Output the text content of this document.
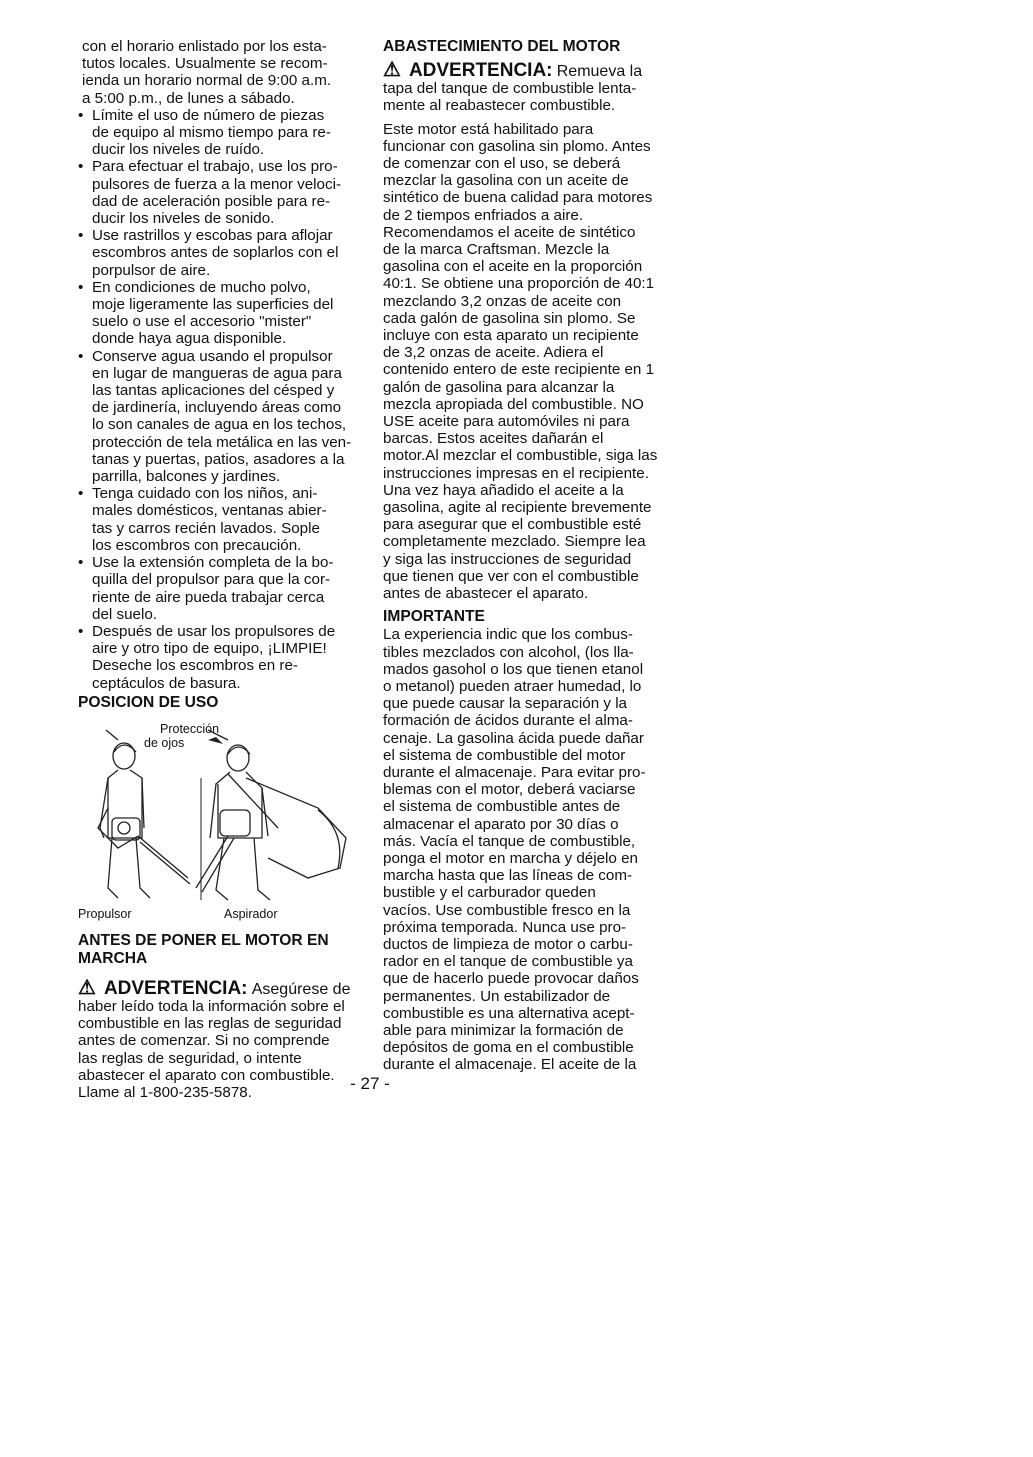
con el horario enlistado por los esta-
tutos locales. Usualmente se recom-
ienda un horario normal de 9:00 a.m.
a 5:00 p.m., de lunes a sábado.
• Límite el uso de número de piezas
de equipo al mismo tiempo para re-
ducir los niveles de ruído.
• Para efectuar el trabajo, use los pro-
pulsores de fuerza a la menor veloci-
dad de aceleración posible para re-
ducir los niveles de sonido.
• Use rastrillos y escobas para aflojar
escombros antes de soplarlos con el
porpulsor de aire.
• En condiciones de mucho polvo,
moje ligeramente las superficies del
suelo o use el accesorio "mister"
donde haya agua disponible.
• Conserve agua usando el propulsor
en lugar de mangueras de agua para
las tantas aplicaciones del césped y
de jardinería, incluyendo áreas como
lo son canales de agua en los techos,
protección de tela metálica en las ven-
tanas y puertas, patios, asadores a la
parrilla, balcones y jardines.
• Tenga cuidado con los niños, ani-
males domésticos, ventanas abier-
tas y carros recién lavados. Sople
los escombros con precaución.
• Use la extensión completa de la bo-
quilla del propulsor para que la cor-
riente de aire pueda trabajar cerca
del suelo.
• Después de usar los propulsores de
aire y otro tipo de equipo, ¡LIMPIE!
Deseche los escombros en re-
ceptáculos de basura.
POSICION DE USO
Protección
de ojos
Propulsor	Aspirador
ANTES DE PONER EL MOTOR EN
MARCHA
⚠ ADVERTENCIA: Asegúrese de
haber leído toda la información sobre el
combustible en las reglas de seguridad
antes de comenzar. Si no comprende
las reglas de seguridad, o intente
abastecer el aparato con combustible.
Llame al 1-800-235-5878.
ABASTECIMIENTO DEL MOTOR
⚠ ADVERTENCIA: Remueva la
tapa del tanque de combustible lenta-
mente al reabastecer combustible.
Este motor está habilitado para
funcionar con gasolina sin plomo. Antes
de comenzar con el uso, se deberá
mezclar la gasolina con un aceite de
sintético de buena calidad para motores
de 2 tiempos enfriados a aire.
Recomendamos el aceite de sintético
de la marca Craftsman. Mezcle la
gasolina con el aceite en la proporción
40:1. Se obtiene una proporción de 40:1
mezclando 3,2 onzas de aceite con
cada galón de gasolina sin plomo. Se
incluye con esta aparato un recipiente
de 3,2 onzas de aceite. Adiera el
contenido entero de este recipiente en 1
galón de gasolina para alcanzar la
mezcla apropiada del combustible. NO
USE aceite para automóviles ni para
barcas. Estos aceites dañarán el
motor.Al mezclar el combustible, siga las
instrucciones impresas en el recipiente.
Una vez haya añadido el aceite a la
gasolina, agite al recipiente brevemente
para asegurar que el combustible esté
completamente mezclado. Siempre lea
y siga las instrucciones de seguridad
que tienen que ver con el combustible
antes de abastecer el aparato.
IMPORTANTE
La experiencia indic que los combus-
tibles mezclados con alcohol, (los lla-
mados gasohol o los que tienen etanol
o metanol) pueden atraer humedad, lo
que puede causar la separación y la
formación de ácidos durante el alma-
cenaje. La gasolina ácida puede dañar
el sistema de combustible del motor
durante el almacenaje. Para evitar pro-
blemas con el motor, deberá vaciarse
el sistema de combustible antes de
almacenar el aparato por 30 días o
más. Vacía el tanque de combustible,
ponga el motor en marcha y déjelo en
marcha hasta que las líneas de com-
bustible y el carburador queden
vacíos. Use combustible fresco en la
próxima temporada. Nunca use pro-
ductos de limpieza de motor o carbu-
rador en el tanque de combustible ya
que de hacerlo puede provocar daños
permanentes. Un estabilizador de
combustible es una alternativa acept-
able para minimizar la formación de
depósitos de goma en el combustible
durante el almacenaje. El aceite de la
- 27 -
